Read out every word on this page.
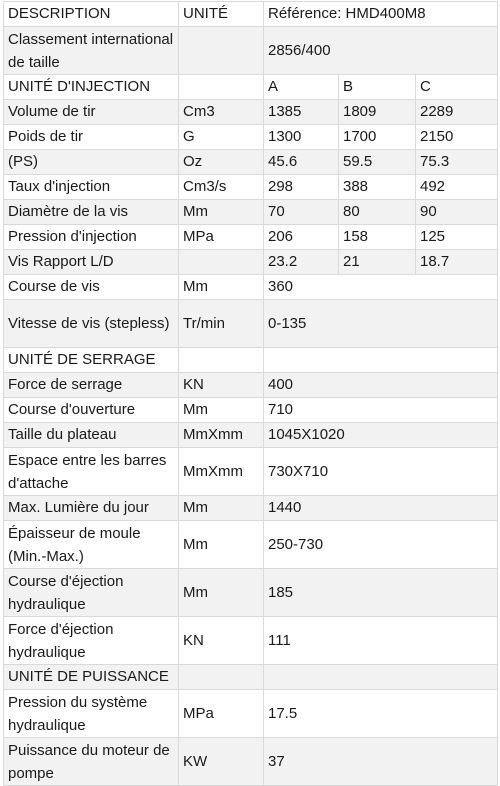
DESCRIPTION	UNITÉ	Référence: HMD400M8		
Classement international de taille		2856/400		
UNITÉ D'INJECTION		A	B	C
Volume de tir	Cm3	1385	1809	2289
Poids de tir	G	1300	1700	2150
(PS)	Oz	45.6	59.5	75.3
Taux d'injection	Cm3/s	298	388	492
Diamètre de la vis	Mm	70	80	90
Pression d'injection	MPa	206	158	125
Vis Rapport L/D		23.2	21	18.7
Course de vis	Mm	360		
Vitesse de vis (stepless)	Tr/min	0-135		
UNITÉ DE SERRAGE				
Force de serrage	KN	400		
Course d'ouverture	Mm	710		
Taille du plateau	MmXmm	1045X1020		
Espace entre les barres d'attache	MmXmm	730X710		
Max. Lumière du jour	Mm	1440		
Épaisseur de moule (Min.-Max.)	Mm	250-730		
Course d'éjection hydraulique	Mm	185		
Force d'éjection hydraulique	KN	111		
UNITÉ DE PUISSANCE				
Pression du système hydraulique	MPa	17.5		
Puissance du moteur de pompe	KW	37		
